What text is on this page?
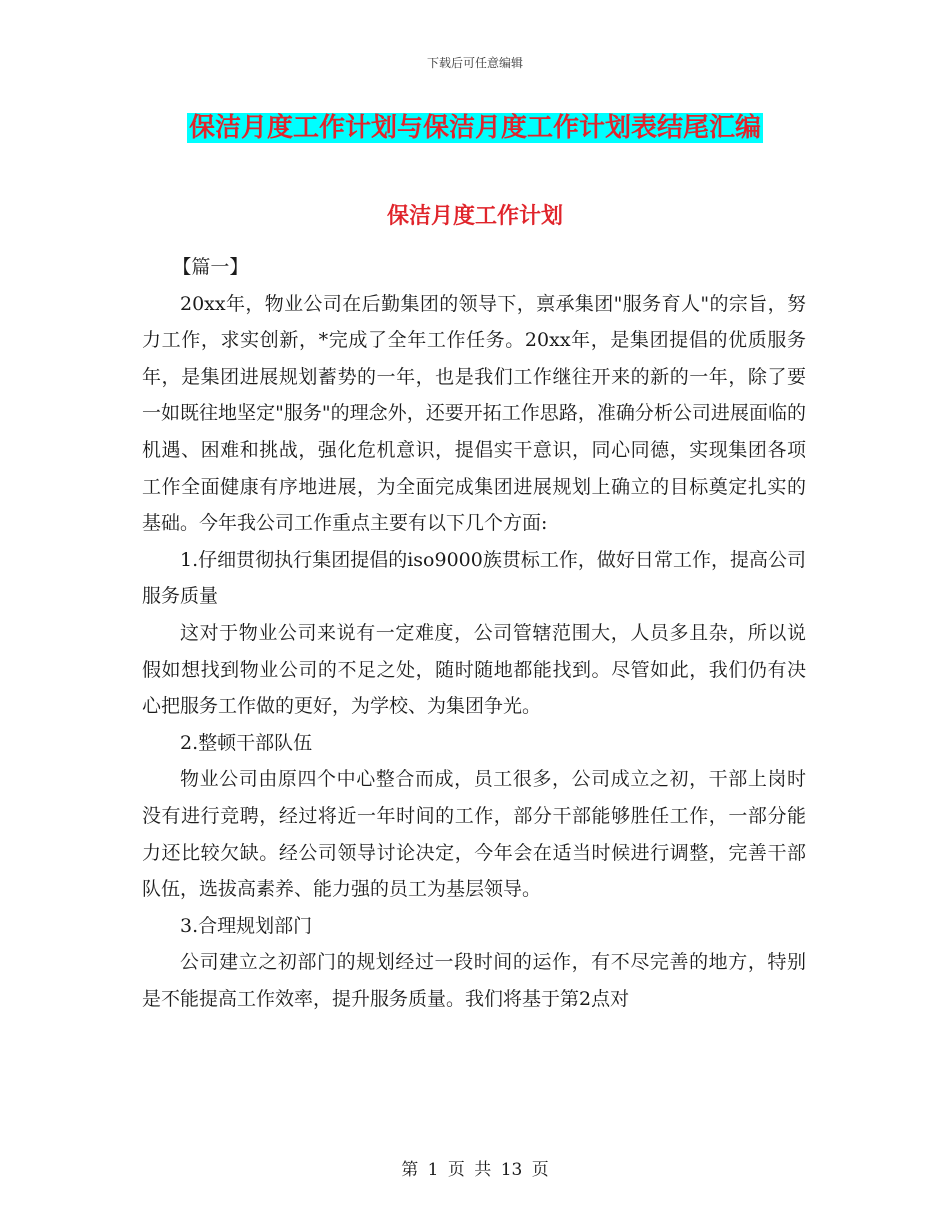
下载后可任意编辑
保洁月度工作计划与保洁月度工作计划表结尾汇编
保洁月度工作计划

【篇一】

20xx年，物业公司在后勤集团的领导下，禀承集团"服务育人"的宗旨，努力工作，求实创新，*完成了全年工作任务。20xx年，是集团提倡的优质服务年，是集团进展规划蓄势的一年，也是我们工作继往开来的新的一年，除了要一如既往地坚定"服务"的理念外，还要开拓工作思路，准确分析公司进展面临的机遇、困难和挑战，强化危机意识，提倡实干意识，同心同德，实现集团各项工作全面健康有序地进展，为全面完成集团进展规划上确立的目标奠定扎实的基础。今年我公司工作重点主要有以下几个方面:

1.仔细贯彻执行集团提倡的iso9000族贯标工作，做好日常工作，提高公司服务质量

这对于物业公司来说有一定难度，公司管辖范围大，人员多且杂，所以说假如想找到物业公司的不足之处，随时随地都能找到。尽管如此，我们仍有决心把服务工作做的更好，为学校、为集团争光。

2.整顿干部队伍

物业公司由原四个中心整合而成，员工很多，公司成立之初，干部上岗时没有进行竞聘，经过将近一年时间的工作，部分干部能够胜任工作，一部分能力还比较欠缺。经公司领导讨论决定，今年会在适当时候进行调整，完善干部队伍，选拔高素养、能力强的员工为基层领导。

3.合理规划部门

公司建立之初部门的规划经过一段时间的运作，有不尽完善的地方，特别是不能提高工作效率，提升服务质量。我们将基于第2点对

第 1 页 共 13 页
